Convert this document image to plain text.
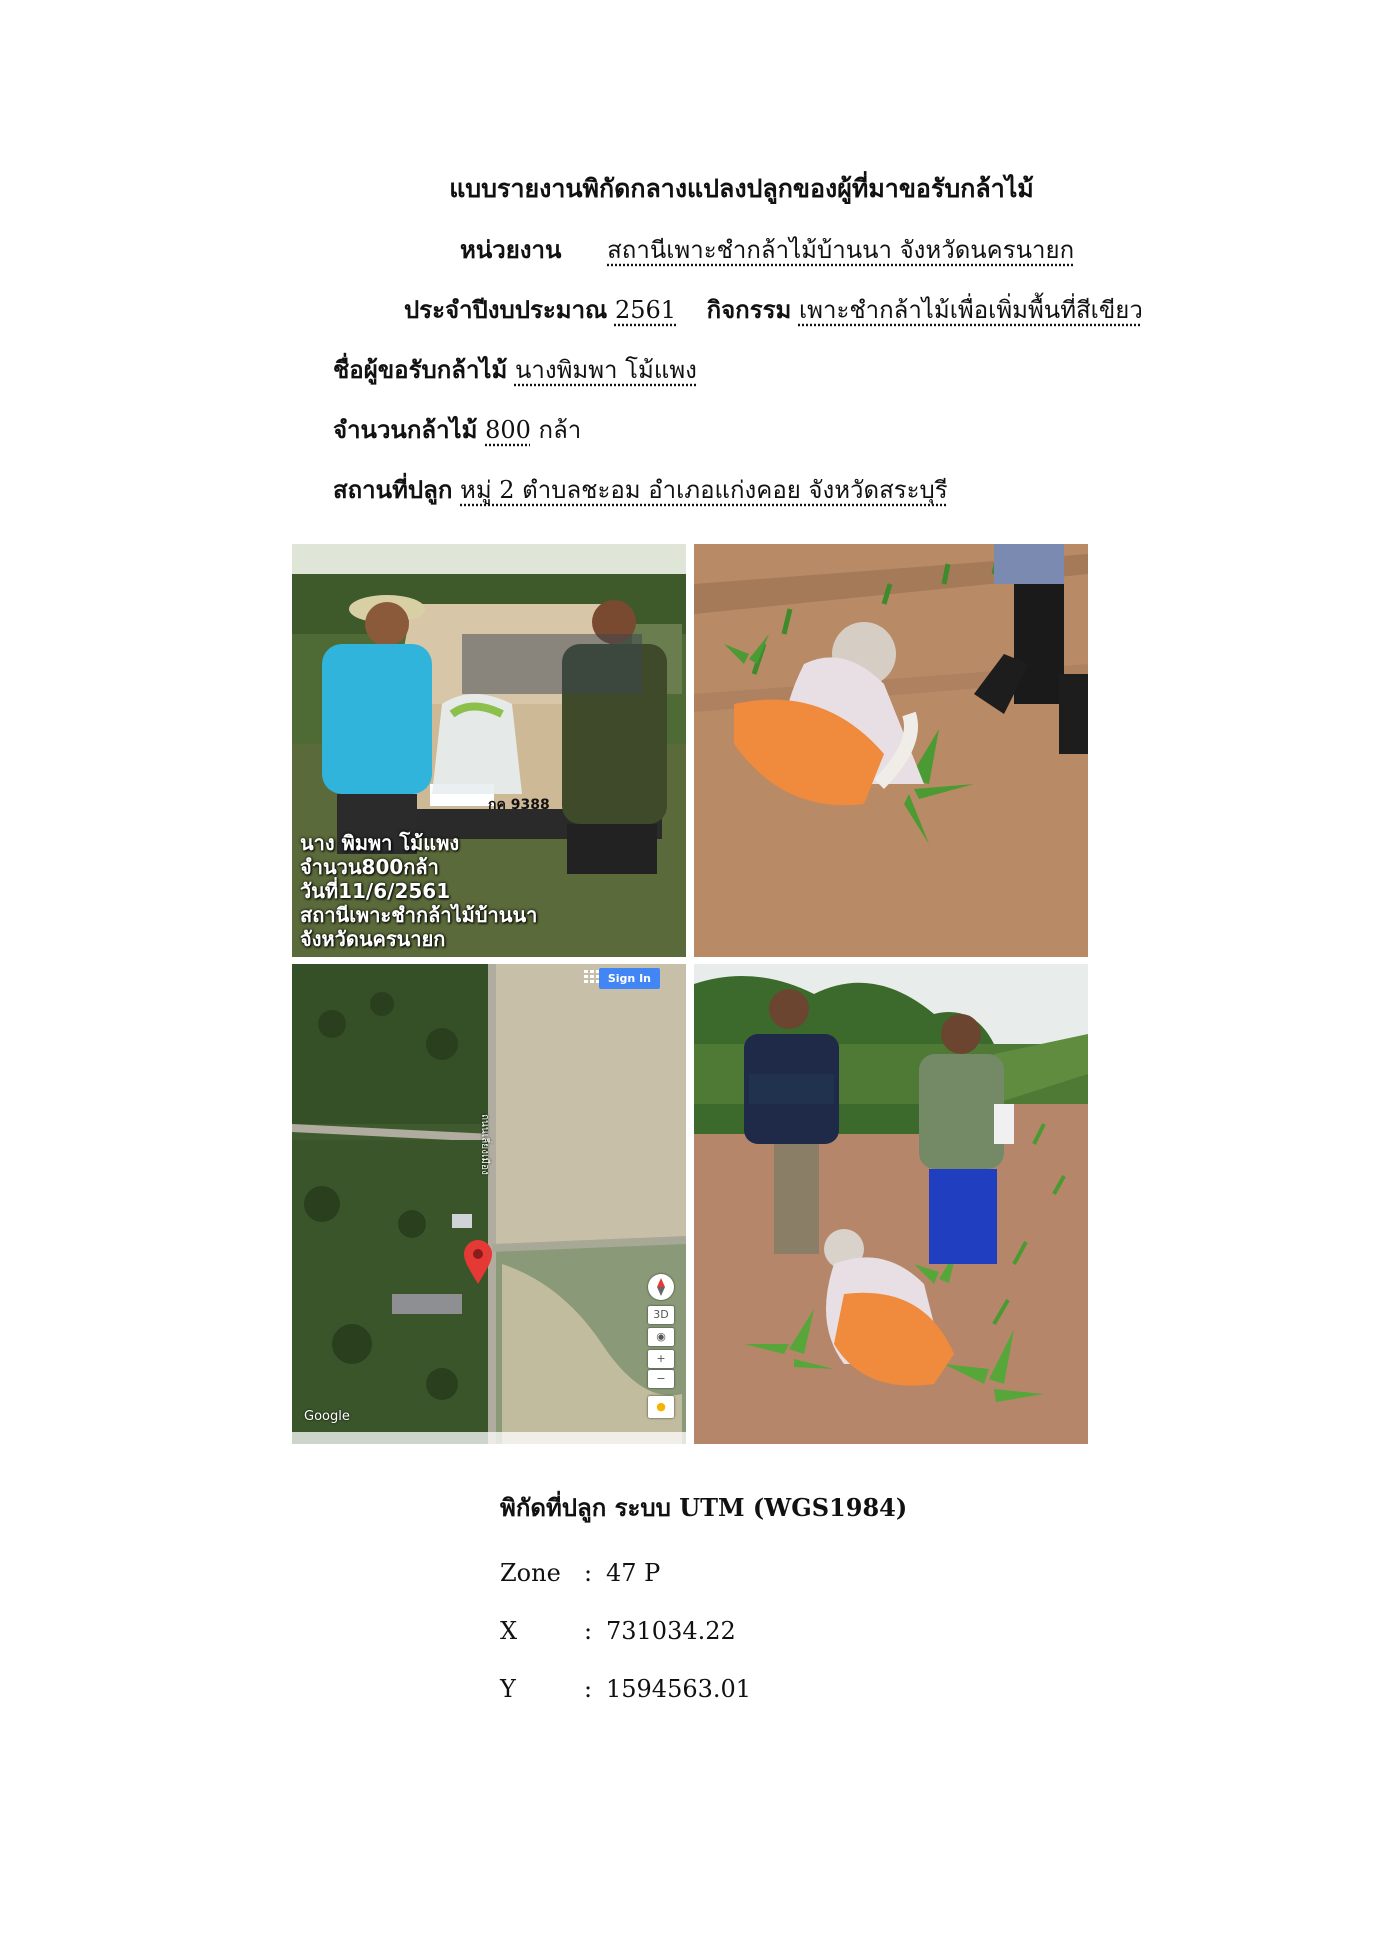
แบบรายงานพิกัดกลางแปลงปลูกของผู้ที่มาขอรับกล้าไม้
หน่วยงาน สถานีเพาะชำกล้าไม้บ้านนา จังหวัดนครนายก
ประจำปีงบประมาณ 2561 กิจกรรม เพาะชำกล้าไม้เพื่อเพิ่มพื้นที่สีเขียว
ชื่อผู้ขอรับกล้าไม้ นางพิมพา โม้แพง
จำนวนกล้าไม้ 800 กล้า
สถานที่ปลูก หมู่ 2 ตำบลชะอม อำเภอแก่งคอย จังหวัดสระบุรี
กค 9388
นาง พิมพา โม้แพง
จำนวน800กล้า
วันที่11/6/2561
สถานีเพาะชำกล้าไม้บ้านนา
จังหวัดนครนายก
Sign In
ถนนเลี่ยงเมือง
3D
◉
+
−
●
Google
พิกัดที่ปลูก ระบบ UTM (WGS1984)
Zone : 47 P
X	: 731034.22
Y	: 1594563.01
